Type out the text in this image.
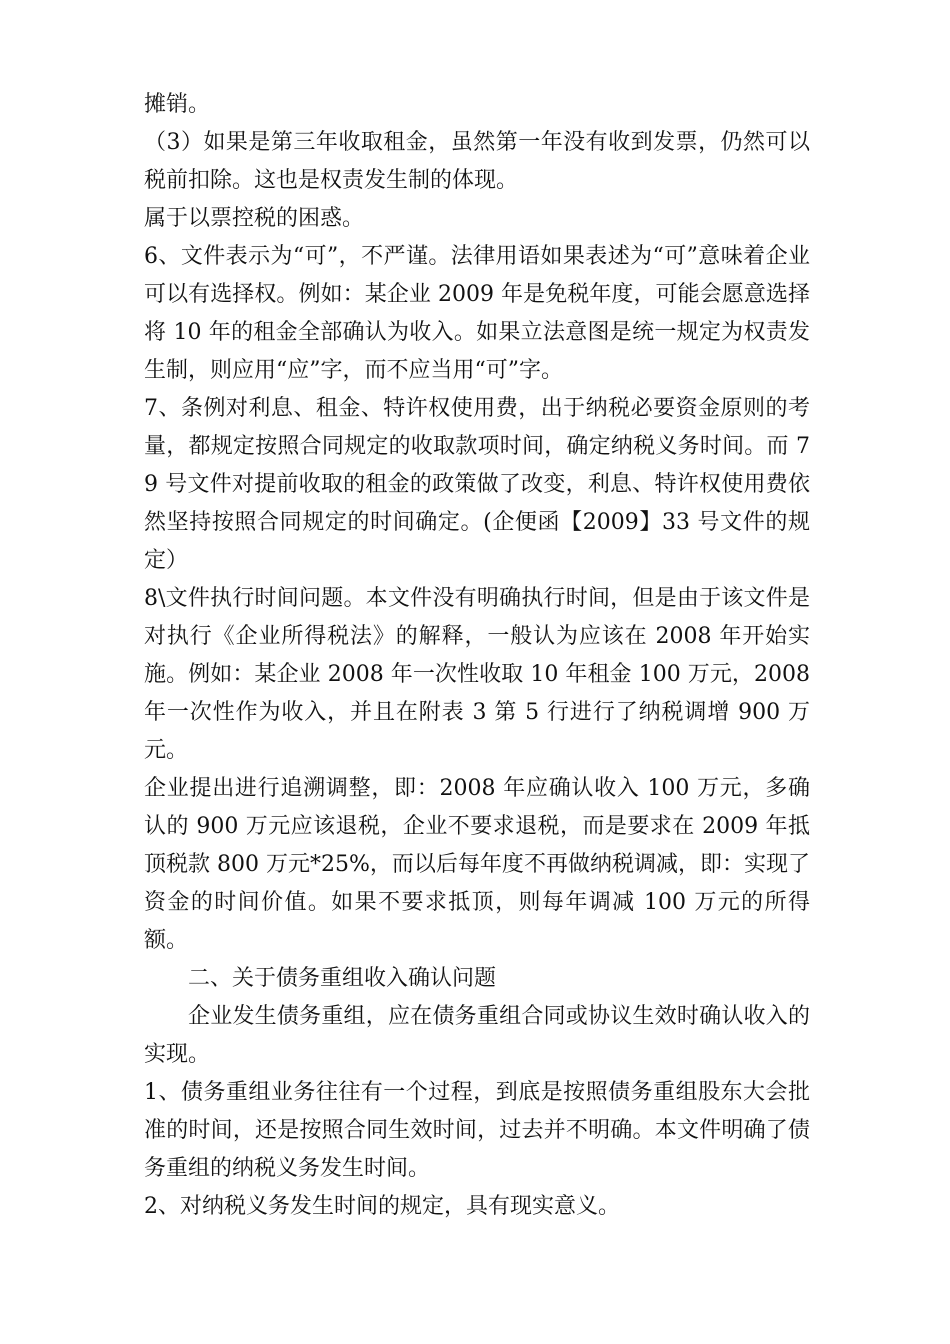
摊销。

（3）如果是第三年收取租金，虽然第一年没有收到发票，仍然可以税前扣除。这也是权责发生制的体现。

属于以票控税的困惑。

6、文件表示为“可”，不严谨。法律用语如果表述为“可”意味着企业可以有选择权。例如：某企业 2009 年是免税年度，可能会愿意选择将 10 年的租金全部确认为收入。如果立法意图是统一规定为权责发生制，则应用“应”字，而不应当用“可”字。

7、条例对利息、租金、特许权使用费，出于纳税必要资金原则的考量，都规定按照合同规定的收取款项时间，确定纳税义务时间。而 79 号文件对提前收取的租金的政策做了改变，利息、特许权使用费依然坚持按照合同规定的时间确定。(企便函【2009】33 号文件的规定）

8\文件执行时间问题。本文件没有明确执行时间，但是由于该文件是对执行《企业所得税法》的解释，一般认为应该在 2008 年开始实施。例如：某企业 2008 年一次性收取 10 年租金 100 万元，2008 年一次性作为收入，并且在附表 3 第 5 行进行了纳税调增 900 万元。

企业提出进行追溯调整，即：2008 年应确认收入 100 万元，多确认的 900 万元应该退税，企业不要求退税，而是要求在 2009 年抵顶税款 800 万元*25%，而以后每年度不再做纳税调减，即：实现了资金的时间价值。如果不要求抵顶，则每年调减 100 万元的所得额。

二、关于债务重组收入确认问题

企业发生债务重组，应在债务重组合同或协议生效时确认收入的实现。

1、债务重组业务往往有一个过程，到底是按照债务重组股东大会批准的时间，还是按照合同生效时间，过去并不明确。本文件明确了债务重组的纳税义务发生时间。

2、对纳税义务发生时间的规定，具有现实意义。
